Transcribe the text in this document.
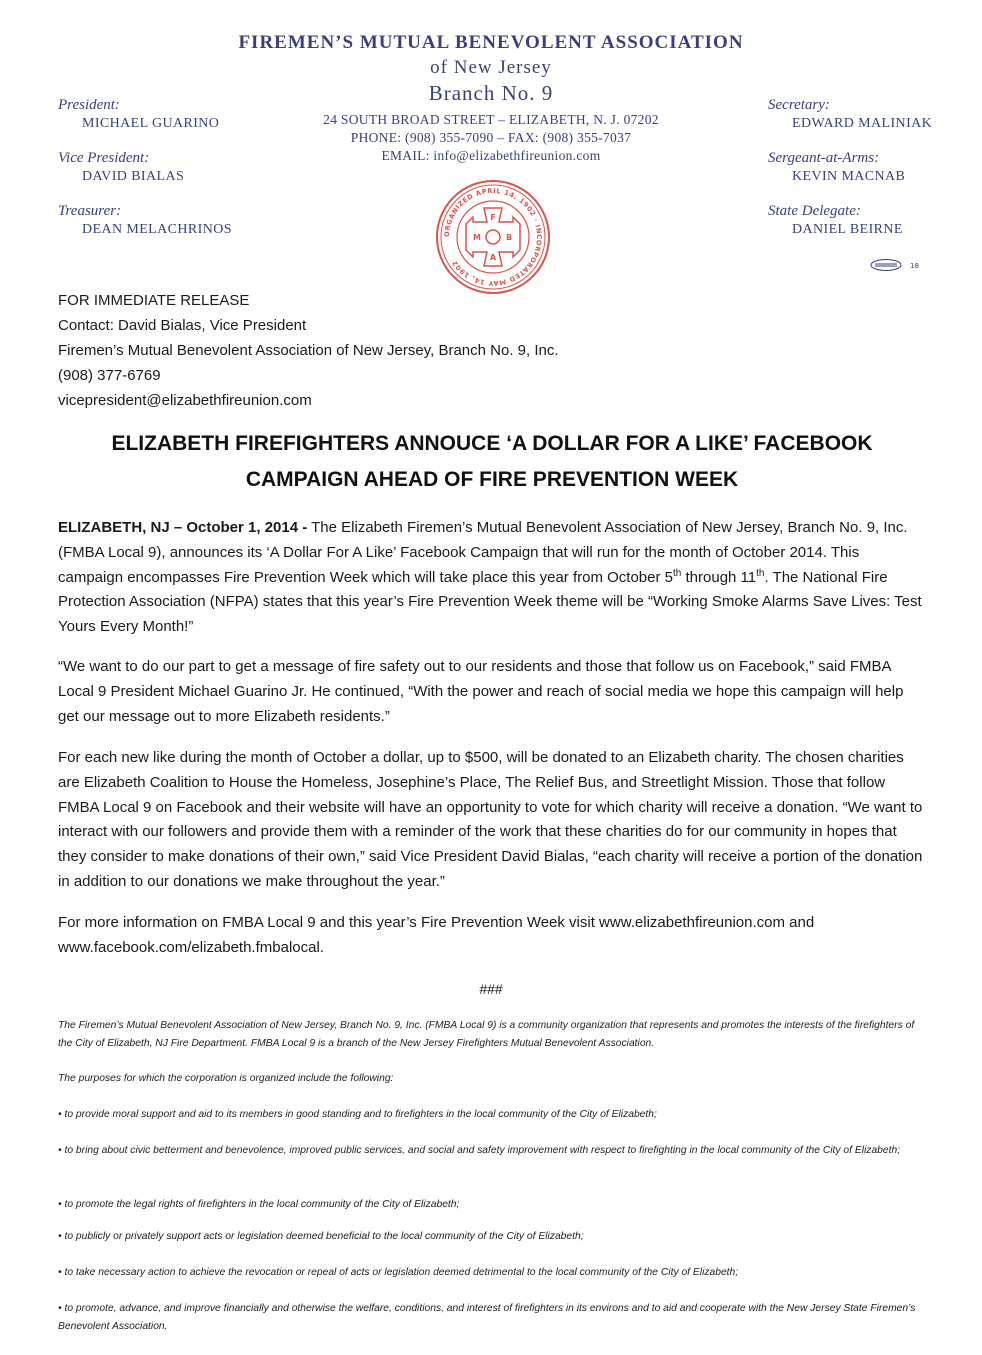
FIREMEN’S MUTUAL BENEVOLENT ASSOCIATION
of New Jersey
Branch No. 9
24 SOUTH BROAD STREET – ELIZABETH, N. J. 07202
PHONE: (908) 355-7090 – FAX: (908) 355-7037
EMAIL: info@elizabethfireunion.com
President:
MICHAEL GUARINO
Vice President:
DAVID BIALAS
Treasurer:
DEAN MELACHRINOS
Secretary:
EDWARD MALINIAK
Sergeant-at-Arms:
KEVIN MACNAB
State Delegate:
DANIEL BEIRNE
ORGANIZED APRIL 14, 1902 · INCORPORATED MAY 14, 1902
F
M	B
A
18
FOR IMMEDIATE RELEASE
Contact: David Bialas, Vice President
Firemen’s Mutual Benevolent Association of New Jersey, Branch No. 9, Inc.
(908) 377-6769
vicepresident@elizabethfireunion.com
ELIZABETH FIREFIGHTERS ANNOUCE ‘A DOLLAR FOR A LIKE’ FACEBOOK
CAMPAIGN AHEAD OF FIRE PREVENTION WEEK

ELIZABETH, NJ – October 1, 2014 - The Elizabeth Firemen’s Mutual Benevolent Association of New Jersey, Branch No. 9, Inc. (FMBA Local 9), announces its ‘A Dollar For A Like’ Facebook Campaign that will run for the month of October 2014. This campaign encompasses Fire Prevention Week which will take place this year from October 5th through 11th. The National Fire Protection Association (NFPA) states that this year’s Fire Prevention Week theme will be “Working Smoke Alarms Save Lives: Test Yours Every Month!”

“We want to do our part to get a message of fire safety out to our residents and those that follow us on Facebook,” said FMBA Local 9 President Michael Guarino Jr. He continued, “With the power and reach of social media we hope this campaign will help get our message out to more Elizabeth residents.”

For each new like during the month of October a dollar, up to $500, will be donated to an Elizabeth charity. The chosen charities are Elizabeth Coalition to House the Homeless, Josephine’s Place, The Relief Bus, and Streetlight Mission. Those that follow FMBA Local 9 on Facebook and their website will have an opportunity to vote for which charity will receive a donation. “We want to interact with our followers and provide them with a reminder of the work that these charities do for our community in hopes that they consider to make donations of their own,” said Vice President David Bialas, “each charity will receive a portion of the donation in addition to our donations we make throughout the year.”

For more information on FMBA Local 9 and this year’s Fire Prevention Week visit www.elizabethfireunion.com and www.facebook.com/elizabeth.fmbalocal.

###

The Firemen’s Mutual Benevolent Association of New Jersey, Branch No. 9, Inc. (FMBA Local 9) is a community organization that represents and promotes the interests of the firefighters of the City of Elizabeth, NJ Fire Department. FMBA Local 9 is a branch of the New Jersey Firefighters Mutual Benevolent Association.

The purposes for which the corporation is organized include the following:

• to provide moral support and aid to its members in good standing and to firefighters in the local community of the City of Elizabeth;

• to bring about civic betterment and benevolence, improved public services, and social and safety improvement with respect to firefighting in the local community of the City of Elizabeth;

• to promote the legal rights of firefighters in the local community of the City of Elizabeth;

• to publicly or privately support acts or legislation deemed beneficial to the local community of the City of Elizabeth;

• to take necessary action to achieve the revocation or repeal of acts or legislation deemed detrimental to the local community of the City of Elizabeth;

• to promote, advance, and improve financially and otherwise the welfare, conditions, and interest of firefighters in its environs and to aid and cooperate with the New Jersey State Firemen’s Benevolent Association.
